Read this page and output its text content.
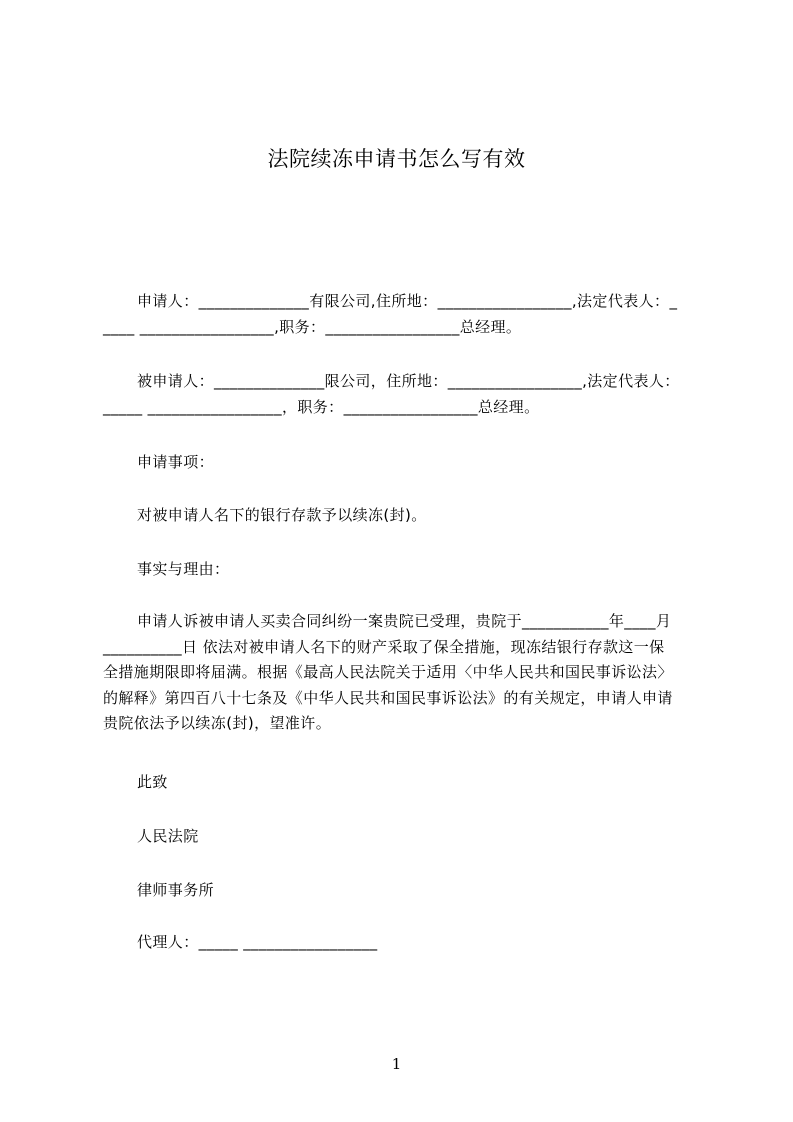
法院续冻申请书怎么写有效
申请人：______________有限公司,住所地：_________________,法定代表人：_
____ _________________,职务：_________________总经理。
被申请人：______________限公司，住所地：_________________,法定代表人：
_____ _________________，职务：_________________总经理。
申请事项：
对被申请人名下的银行存款予以续冻(封)。
事实与理由：
申请人诉被申请人买卖合同纠纷一案贵院已受理，贵院于___________年____月
__________日 依法对被申请人名下的财产采取了保全措施，现冻结银行存款这一保
全措施期限即将届满。根据《最高人民法院关于适用〈中华人民共和国民事诉讼法〉
的解释》第四百八十七条及《中华人民共和国民事诉讼法》的有关规定，申请人申请
贵院依法予以续冻(封)，望准许。
此致
人民法院
律师事务所
代理人：_____ _________________
1
